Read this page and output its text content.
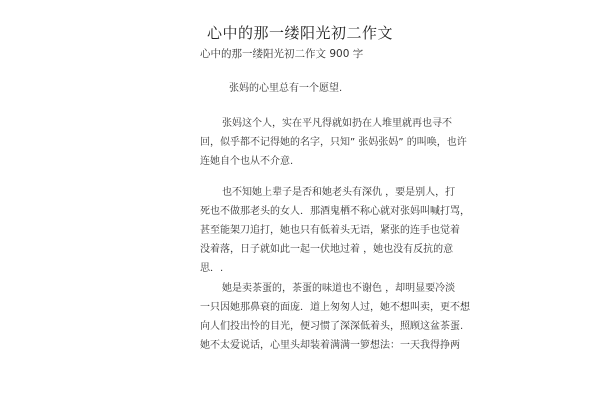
心中的那一缕阳光初二作文
心中的那一缕阳光初二作文 900 字
张妈的心里总有一个愿望.
张妈这个人，实在平凡得就如扔在人堆里就再也寻不
回，似乎都不记得她的名字，只知” 张妈张妈” 的叫唤，也许
连她自个也从不介意.
也不知她上辈子是否和她老头有深仇 ，要是别人，打
死也不做那老头的女人．那酒鬼栖不称心就对张妈叫喊打骂，
甚至能架刀追打，她也只有低着头无语，紧张的连手也觉着
没着落，日子就如此一起一伏地过着 ，她也没有反抗的意
思．.
她是卖茶蛋的，茶蛋的味道也不谢色 ，却明显要冷淡
一只因她那鼻衰的面庞．道上匆匆人过，她不想叫卖，更不想
向人们投出怜的目光，便习惯了深深低着头，照顾这盆茶蛋.
她不太爱说话，心里头却装着满满一箩想法：一天我得挣两
